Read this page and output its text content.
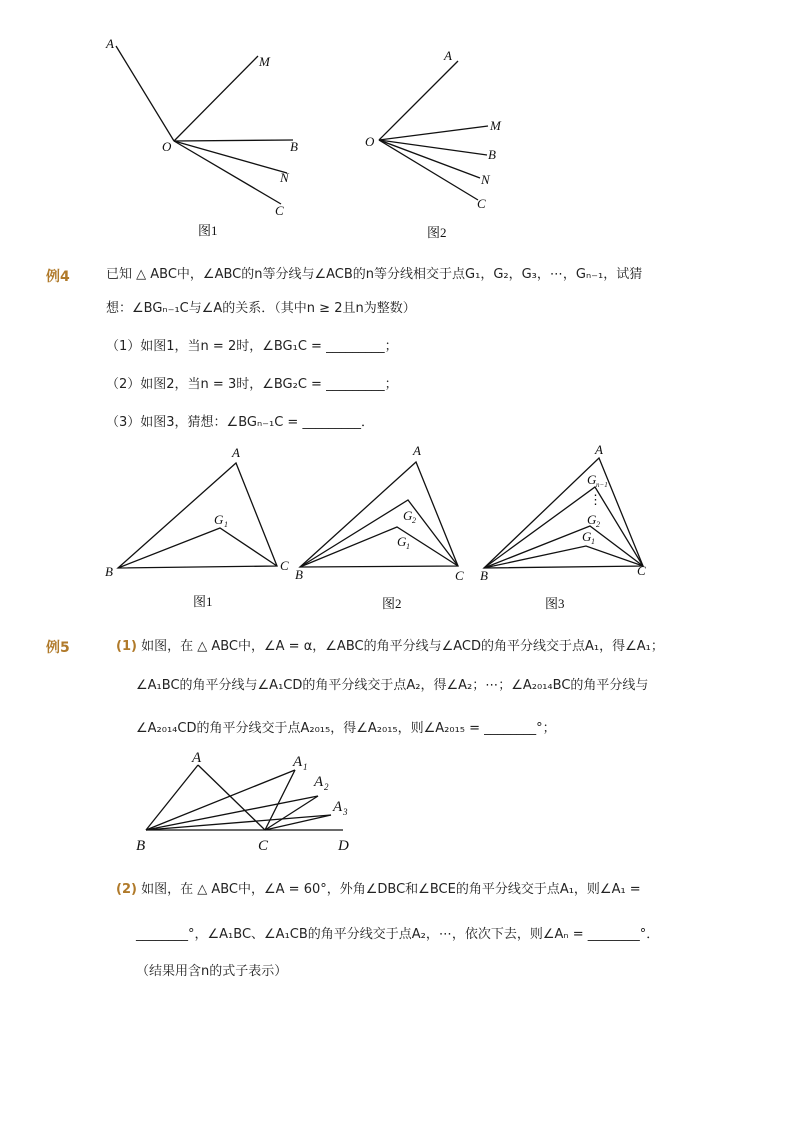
A
M
O	B
N
C
图1
A
M
O
B
N
C
图2
例4	已知 △ ABC中，∠ABC的n等分线与∠ACB的n等分线相交于点G₁，G₂，G₃，⋯，Gₙ₋₁，试猜
想：∠BGₙ₋₁C与∠A的关系．（其中n ≥ 2且n为整数）
（1）如图1，当n = 2时，∠BG₁C = _________；
（2）如图2，当n = 3时，∠BG₂C = _________；
（3）如图3，猜想：∠BGₙ₋₁C = _________．
A
G 1
B	C
图1
A
G 2
G 1
B	C
图2
A
G n−1
⋮
G 2
G 1
B	C
图3
例5	(1) 如图，在 △ ABC中，∠A = α，∠ABC的角平分线与∠ACD的角平分线交于点A₁，得∠A₁；
∠A₁BC的角平分线与∠A₁CD的角平分线交于点A₂，得∠A₂；⋯；∠A₂₀₁₄BC的角平分线与
∠A₂₀₁₄CD的角平分线交于点A₂₀₁₅，得∠A₂₀₁₅，则∠A₂₀₁₅ = ________°；
A	A 1
A 2
A 3
B	C	D
(2) 如图，在 △ ABC中，∠A = 60°，外角∠DBC和∠BCE的角平分线交于点A₁，则∠A₁ =
________°，∠A₁BC、∠A₁CB的角平分线交于点A₂，⋯，依次下去，则∠Aₙ = ________°．
（结果用含n的式子表示）
